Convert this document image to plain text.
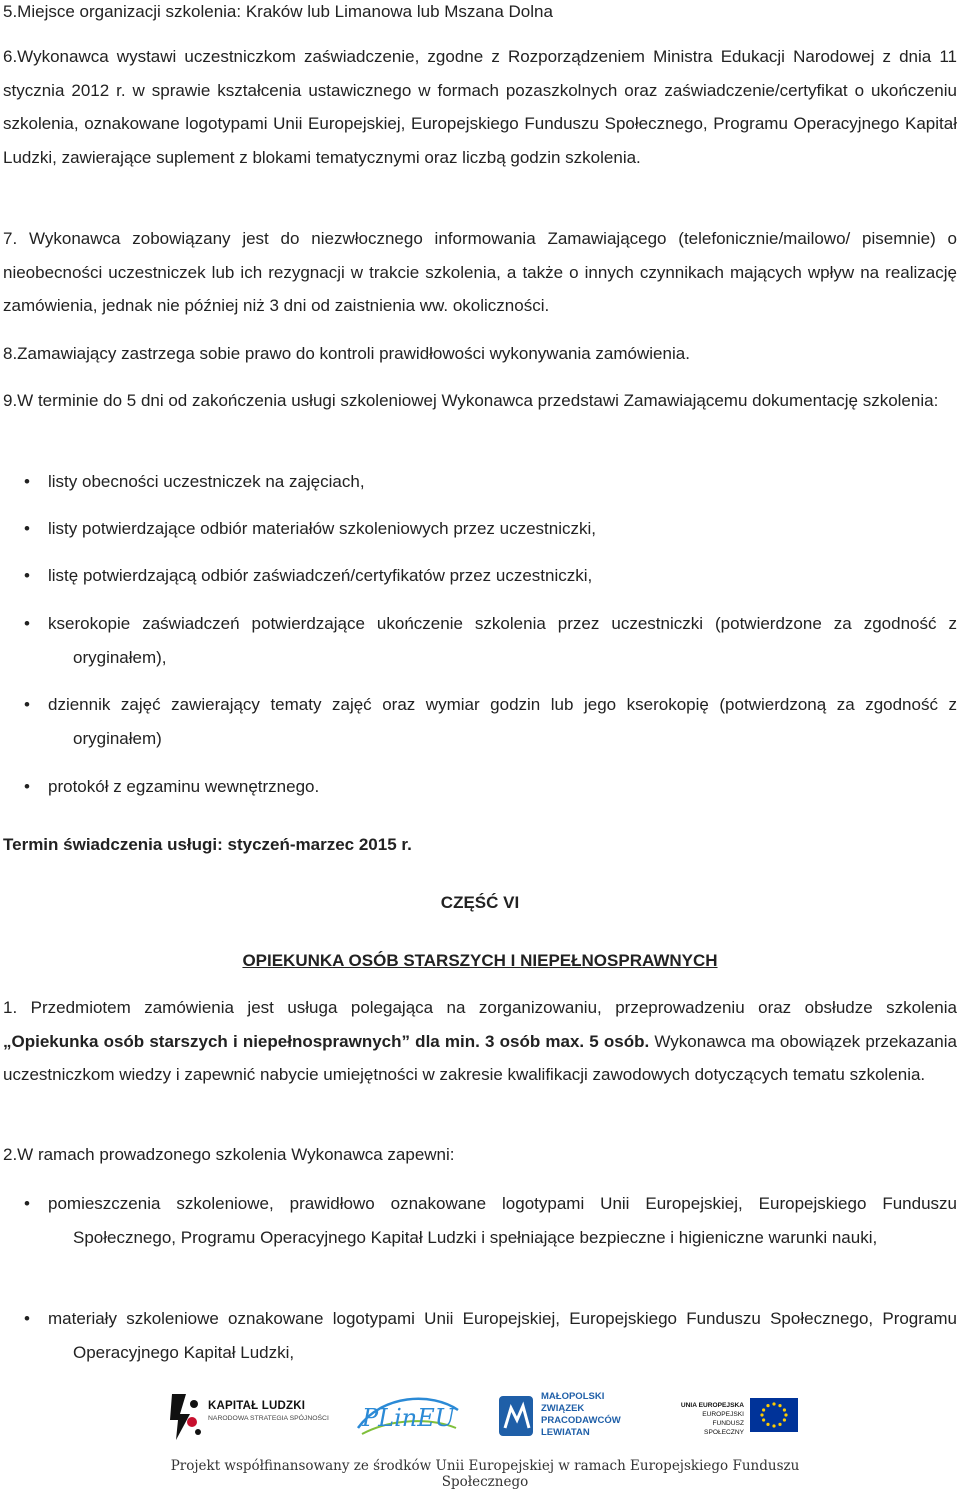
5.Miejsce organizacji szkolenia: Kraków lub Limanowa lub Mszana Dolna

6.Wykonawca wystawi uczestniczkom zaświadczenie, zgodne z Rozporządzeniem Ministra Edukacji Narodowej z dnia 11 stycznia 2012 r. w sprawie kształcenia ustawicznego w formach pozaszkolnych oraz zaświadczenie/certyfikat o ukończeniu szkolenia, oznakowane logotypami Unii Europejskiej, Europejskiego Funduszu Społecznego, Programu Operacyjnego Kapitał Ludzki, zawierające suplement z blokami tematycznymi oraz liczbą godzin szkolenia.

7. Wykonawca zobowiązany jest do niezwłocznego informowania Zamawiającego (telefonicznie/mailowo/ pisemnie) o nieobecności uczestniczek lub ich rezygnacji w trakcie szkolenia, a także o innych czynnikach mających wpływ na realizację zamówienia, jednak nie później niż 3 dni od zaistnienia ww. okoliczności.

8.Zamawiający zastrzega sobie prawo do kontroli prawidłowości wykonywania zamówienia.

9.W terminie do 5 dni od zakończenia usługi szkoleniowej Wykonawca przedstawi Zamawiającemu dokumentację szkolenia:

•	listy obecności uczestniczek na zajęciach,
•	listy potwierdzające odbiór materiałów szkoleniowych przez uczestniczki,
•	listę potwierdzającą odbiór zaświadczeń/certyfikatów przez uczestniczki,
•	kserokopie zaświadczeń potwierdzające ukończenie szkolenia przez uczestniczki (potwierdzone za zgodność z oryginałem),
•	dziennik zajęć zawierający tematy zajęć oraz wymiar godzin lub jego kserokopię (potwierdzoną za zgodność z oryginałem)
•	protokół z egzaminu wewnętrznego.

Termin świadczenia usługi: styczeń-marzec 2015 r.

CZĘŚĆ VI

OPIEKUNKA OSÓB STARSZYCH I NIEPEŁNOSPRAWNYCH

1. Przedmiotem zamówienia jest usługa polegająca na zorganizowaniu, przeprowadzeniu oraz obsłudze szkolenia „Opiekunka osób starszych i niepełnosprawnych” dla min. 3 osób max. 5 osób. Wykonawca ma obowiązek przekazania uczestniczkom wiedzy i zapewnić nabycie umiejętności w zakresie kwalifikacji zawodowych dotyczących tematu szkolenia.

2.W ramach prowadzonego szkolenia Wykonawca zapewni:

•	pomieszczenia szkoleniowe, prawidłowo oznakowane logotypami Unii Europejskiej, Europejskiego Funduszu Społecznego, Programu Operacyjnego Kapitał Ludzki i spełniające bezpieczne i higieniczne warunki nauki,
•	materiały szkoleniowe oznakowane logotypami Unii Europejskiej, Europejskiego Funduszu Społecznego, Programu Operacyjnego Kapitał Ludzki,
KAPITAŁ LUDZKI
NARODOWA STRATEGIA SPÓJNOŚCI PLinEU
MAŁOPOLSKI
ZWIĄZEK
PRACODAWCÓW
LEWIATAN
UNIA EUROPEJSKA
EUROPEJSKI
FUNDUSZ SPOŁECZNY
Projekt współfinansowany ze środków Unii Europejskiej w ramach Europejskiego Funduszu Społecznego
